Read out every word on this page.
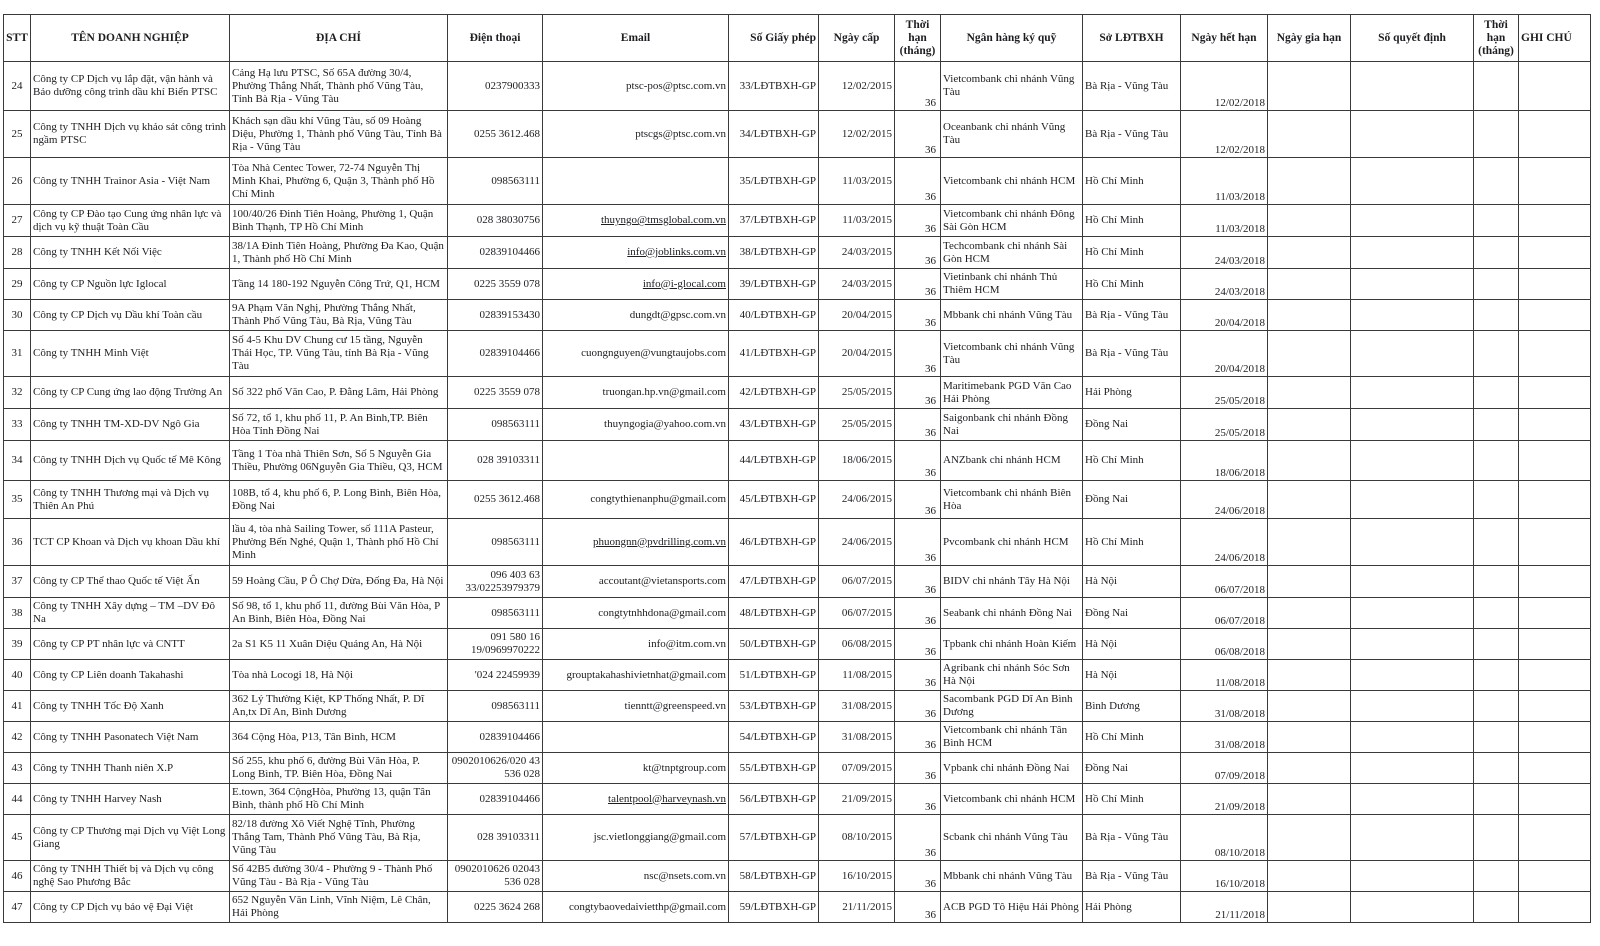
STT	TÊN DOANH NGHIỆP	ĐỊA CHỈ	Điện thoại	Email	Số Giấy phép	Ngày cấp	Thời hạn (tháng)	Ngân hàng ký quỹ	Sở LĐTBXH	Ngày hết hạn	Ngày gia hạn	Số quyết định	Thời hạn (tháng)	GHI CHÚ
24	Công ty CP Dịch vụ lắp đặt, vận hành và Bảo dưỡng công trình dầu khí Biển PTSC	Cảng Hạ lưu PTSC, Số 65A đường 30/4, Phường Thắng Nhất, Thành phố Vũng Tàu, Tỉnh Bà Rịa - Vũng Tàu	0237900333	ptsc-pos@ptsc.com.vn	33/LĐTBXH-GP	12/02/2015	36	Vietcombank chi nhánh Vũng Tàu	Bà Rịa - Vũng Tàu	12/02/2018				
25	Công ty TNHH Dịch vụ khảo sát công trình ngầm PTSC	Khách sạn dầu khí Vũng Tàu, số 09 Hoàng Diệu, Phường 1, Thành phố Vũng Tàu, Tỉnh Bà Rịa - Vũng Tàu	0255 3612.468	ptscgs@ptsc.com.vn	34/LĐTBXH-GP	12/02/2015	36	Oceanbank chi nhánh Vũng Tàu	Bà Rịa - Vũng Tàu	12/02/2018				
26	Công ty TNHH Trainor Asia - Việt Nam	Tòa Nhà Centec Tower, 72-74 Nguyễn Thị Minh Khai, Phường 6, Quận 3, Thành phố Hồ Chí Minh	098563111		35/LĐTBXH-GP	11/03/2015	36	Vietcombank chi nhánh HCM	Hồ Chí Minh	11/03/2018				
27	Công ty CP Đào tạo Cung ứng nhân lực và dịch vụ kỹ thuật Toàn Cầu	100/40/26 Đinh Tiên Hoàng, Phường 1, Quận Bình Thạnh, TP Hồ Chí Minh	028 38030756	thuyngo@tmsglobal.com.vn	37/LĐTBXH-GP	11/03/2015	36	Vietcombank chi nhánh Đông Sài Gòn HCM	Hồ Chí Minh	11/03/2018				
28	Công ty TNHH Kết Nối Việc	38/1A Đinh Tiên Hoàng, Phường Đa Kao, Quận 1, Thành phố Hồ Chí Minh	02839104466	info@joblinks.com.vn	38/LĐTBXH-GP	24/03/2015	36	Techcombank chi nhánh Sài Gòn HCM	Hồ Chí Minh	24/03/2018				
29	Công ty CP Nguồn lực Iglocal	Tầng 14 180-192 Nguyễn Công Trứ, Q1, HCM	0225 3559 078	info@i-glocal.com	39/LĐTBXH-GP	24/03/2015	36	Vietinbank chi nhánh Thủ Thiêm HCM	Hồ Chí Minh	24/03/2018				
30	Công ty CP Dịch vụ Dầu khí Toàn cầu	9A Phạm Văn Nghị, Phường Thắng Nhất, Thành Phố Vũng Tàu, Bà Rịa, Vũng Tàu	02839153430	dungdt@gpsc.com.vn	40/LĐTBXH-GP	20/04/2015	36	Mbbank chi nhánh Vũng Tàu	Bà Rịa - Vũng Tàu	20/04/2018				
31	Công ty TNHH Minh Việt	Số 4-5 Khu DV Chung cư 15 tầng, Nguyễn Thái Học, TP. Vũng Tàu, tỉnh Bà Rịa - Vũng Tàu	02839104466	cuongnguyen@vungtaujobs.com	41/LĐTBXH-GP	20/04/2015	36	Vietcombank chi nhánh Vũng Tàu	Bà Rịa - Vũng Tàu	20/04/2018				
32	Công ty CP Cung ứng lao động Trường An	Số 322 phố Văn Cao, P. Đằng Lâm, Hải Phòng	0225 3559 078	truongan.hp.vn@gmail.com	42/LĐTBXH-GP	25/05/2015	36	Maritimebank PGD Văn Cao Hải Phòng	Hải Phòng	25/05/2018				
33	Công ty TNHH TM-XD-DV Ngô Gia	Số 72, tổ 1, khu phố 11, P. An Bình,TP. Biên Hòa Tỉnh Đồng Nai	098563111	thuyngogia@yahoo.com.vn	43/LĐTBXH-GP	25/05/2015	36	Saigonbank chi nhánh Đồng Nai	Đồng Nai	25/05/2018				
34	Công ty TNHH Dịch vụ Quốc tế Mê Kông	Tầng 1 Tòa nhà Thiên Sơn, Số 5 Nguyễn Gia Thiều, Phường 06Nguyễn Gia Thiều, Q3, HCM	028 39103311		44/LĐTBXH-GP	18/06/2015	36	ANZbank chi nhánh HCM	Hồ Chí Minh	18/06/2018				
35	Công ty TNHH Thương mại và Dịch vụ Thiên An Phú	108B, tổ 4, khu phố 6, P. Long Bình, Biên Hòa, Đồng Nai	0255 3612.468	congtythienanphu@gmail.com	45/LĐTBXH-GP	24/06/2015	36	Vietcombank chi nhánh Biên Hòa	Đồng Nai	24/06/2018				
36	TCT CP Khoan và Dịch vụ khoan Dầu khí	lầu 4, tòa nhà Sailing Tower, số 111A Pasteur, Phường Bến Nghé, Quận 1, Thành phố Hồ Chí Minh	098563111	phuongnn@pvdrilling.com.vn	46/LĐTBXH-GP	24/06/2015	36	Pvcombank chi nhánh HCM	Hồ Chí Minh	24/06/2018				
37	Công ty CP Thể thao Quốc tế Việt Ấn	59 Hoàng Cầu, P Ô Chợ Dừa, Đống Đa, Hà Nội	096 403 63 33/02253979379	accoutant@vietansports.com	47/LĐTBXH-GP	06/07/2015	36	BIDV chi nhánh Tây Hà Nội	Hà Nội	06/07/2018				
38	Công ty TNHH Xây dựng – TM –DV Đô Na	Số 98, tổ 1, khu phố 11, đường Bùi Văn Hòa, P An Bình, Biên Hòa, Đồng Nai	098563111	congtytnhhdona@gmail.com	48/LĐTBXH-GP	06/07/2015	36	Seabank chi nhánh Đồng Nai	Đồng Nai	06/07/2018				
39	Công ty CP PT nhân lực và CNTT	2a S1 K5 11 Xuân Diệu Quảng An, Hà Nội	091 580 16 19/0969970222	info@itm.com.vn	50/LĐTBXH-GP	06/08/2015	36	Tpbank chi nhánh Hoàn Kiếm	Hà Nội	06/08/2018				
40	Công ty CP Liên doanh Takahashi	Tòa nhà Locogi 18, Hà Nội	'024 22459939	grouptakahashivietnhat@gmail.com	51/LĐTBXH-GP	11/08/2015	36	Agribank chi nhánh Sóc Sơn Hà Nội	Hà Nội	11/08/2018				
41	Công ty TNHH Tốc Độ Xanh	362 Lý Thường Kiệt, KP Thống Nhất, P. Dĩ An,tx Dĩ An, Bình Dương	098563111	tienntt@greenspeed.vn	53/LĐTBXH-GP	31/08/2015	36	Sacombank PGD Dĩ An Bình Dương	Bình Dương	31/08/2018				
42	Công ty TNHH Pasonatech Việt Nam	364 Cộng Hòa, P13, Tân Bình, HCM	02839104466		54/LĐTBXH-GP	31/08/2015	36	Vietcombank chi nhánh Tân Bình HCM	Hồ Chí Minh	31/08/2018				
43	Công ty TNHH Thanh niên X.P	Số 255, khu phố 6, đường Bùi Văn Hòa, P. Long Bình, TP. Biên Hòa, Đồng Nai	0902010626/020 43 536 028	kt@tnptgroup.com	55/LĐTBXH-GP	07/09/2015	36	Vpbank chi nhánh Đồng Nai	Đồng Nai	07/09/2018				
44	Công ty TNHH Harvey Nash	E.town, 364 CộngHòa, Phường 13, quận Tân Bình, thành phố Hồ Chí Minh	02839104466	talentpool@harveynash.vn	56/LĐTBXH-GP	21/09/2015	36	Vietcombank chi nhánh HCM	Hồ Chí Minh	21/09/2018				
45	Công ty CP Thương mại Dịch vụ Việt Long Giang	82/18 đường Xô Viết Nghệ Tĩnh, Phường Thắng Tam, Thành Phố Vũng Tàu, Bà Rịa, Vũng Tàu	028 39103311	jsc.vietlonggiang@gmail.com	57/LĐTBXH-GP	08/10/2015	36	Scbank chi nhánh Vũng Tàu	Bà Rịa - Vũng Tàu	08/10/2018				
46	Công ty TNHH Thiết bị và Dịch vụ công nghệ Sao Phương Bắc	Số 42B5 đường 30/4 - Phường 9 - Thành Phố Vũng Tàu - Bà Rịa - Vũng Tàu	0902010626 02043 536 028	nsc@nsets.com.vn	58/LĐTBXH-GP	16/10/2015	36	Mbbank chi nhánh Vũng Tàu	Bà Rịa - Vũng Tàu	16/10/2018				
47	Công ty CP Dịch vụ bảo vệ Đại Việt	652 Nguyễn Văn Linh, Vĩnh Niệm, Lê Chân, Hải Phòng	0225 3624 268	congtybaovedaivietthp@gmail.com	59/LĐTBXH-GP	21/11/2015	36	ACB PGD Tô Hiệu Hải Phòng	Hải Phòng	21/11/2018				
